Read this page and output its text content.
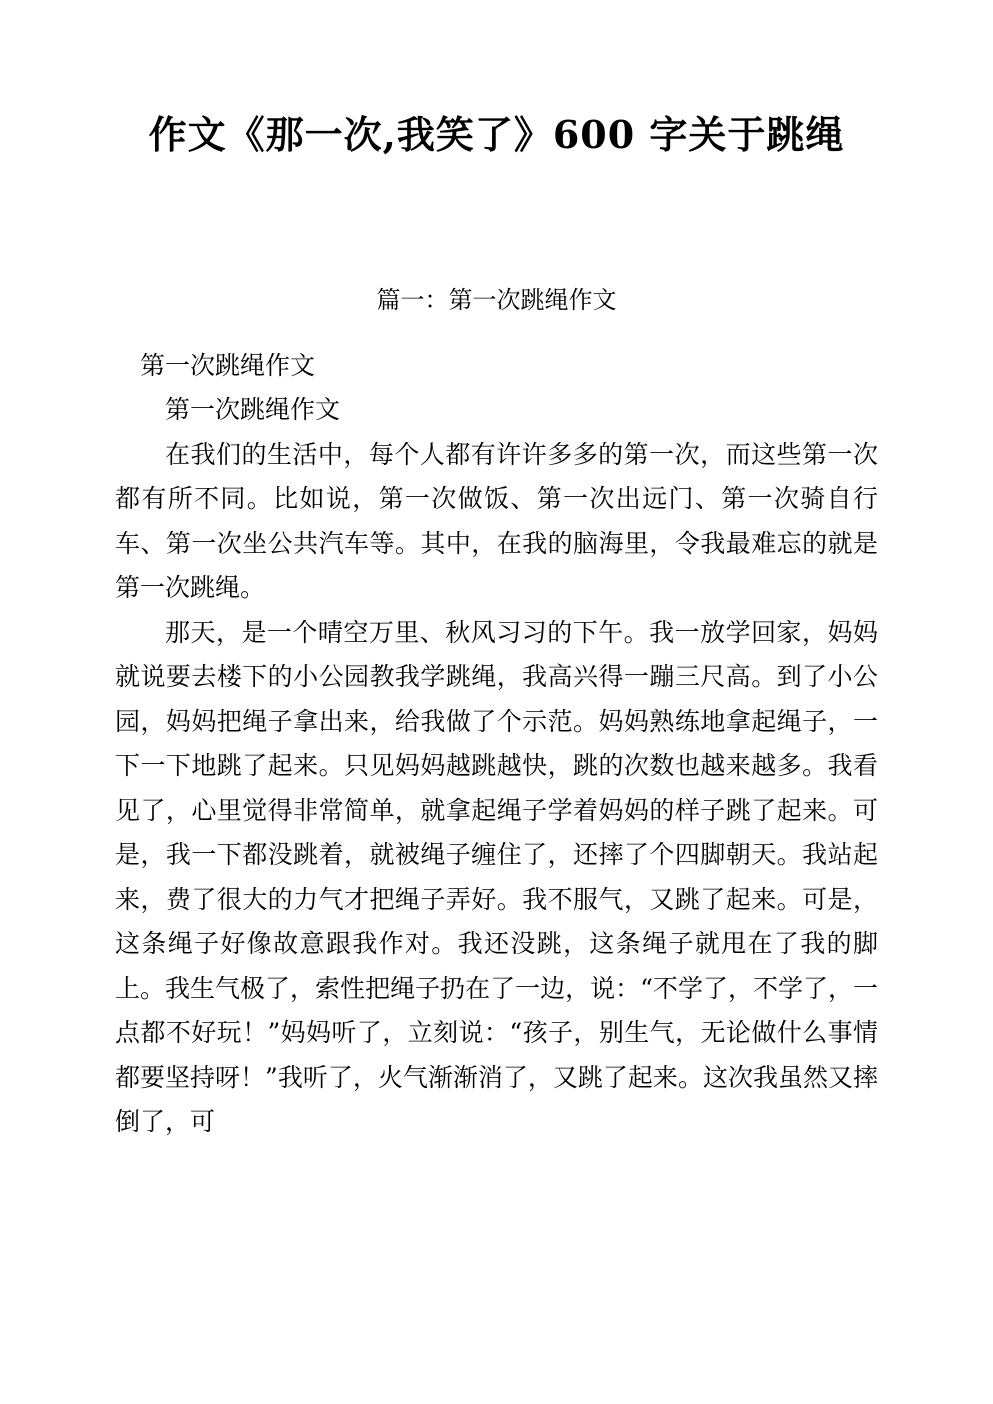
作文《那一次,我笑了》600 字关于跳绳
篇一：第一次跳绳作文

第一次跳绳作文

第一次跳绳作文

在我们的生活中，每个人都有许许多多的第一次，而这些第一次都有所不同。比如说，第一次做饭、第一次出远门、第一次骑自行车、第一次坐公共汽车等。其中，在我的脑海里，令我最难忘的就是第一次跳绳。

那天，是一个晴空万里、秋风习习的下午。我一放学回家，妈妈就说要去楼下的小公园教我学跳绳，我高兴得一蹦三尺高。到了小公园，妈妈把绳子拿出来，给我做了个示范。妈妈熟练地拿起绳子，一下一下地跳了起来。只见妈妈越跳越快，跳的次数也越来越多。我看见了，心里觉得非常简单，就拿起绳子学着妈妈的样子跳了起来。可是，我一下都没跳着，就被绳子缠住了，还摔了个四脚朝天。我站起来，费了很大的力气才把绳子弄好。我不服气，又跳了起来。可是，这条绳子好像故意跟我作对。我还没跳，这条绳子就甩在了我的脚上。我生气极了，索性把绳子扔在了一边，说：“不学了，不学了，一点都不好玩！”妈妈听了，立刻说：“孩子，别生气，无论做什么事情都要坚持呀！”我听了，火气渐渐消了，又跳了起来。这次我虽然又摔倒了，可
